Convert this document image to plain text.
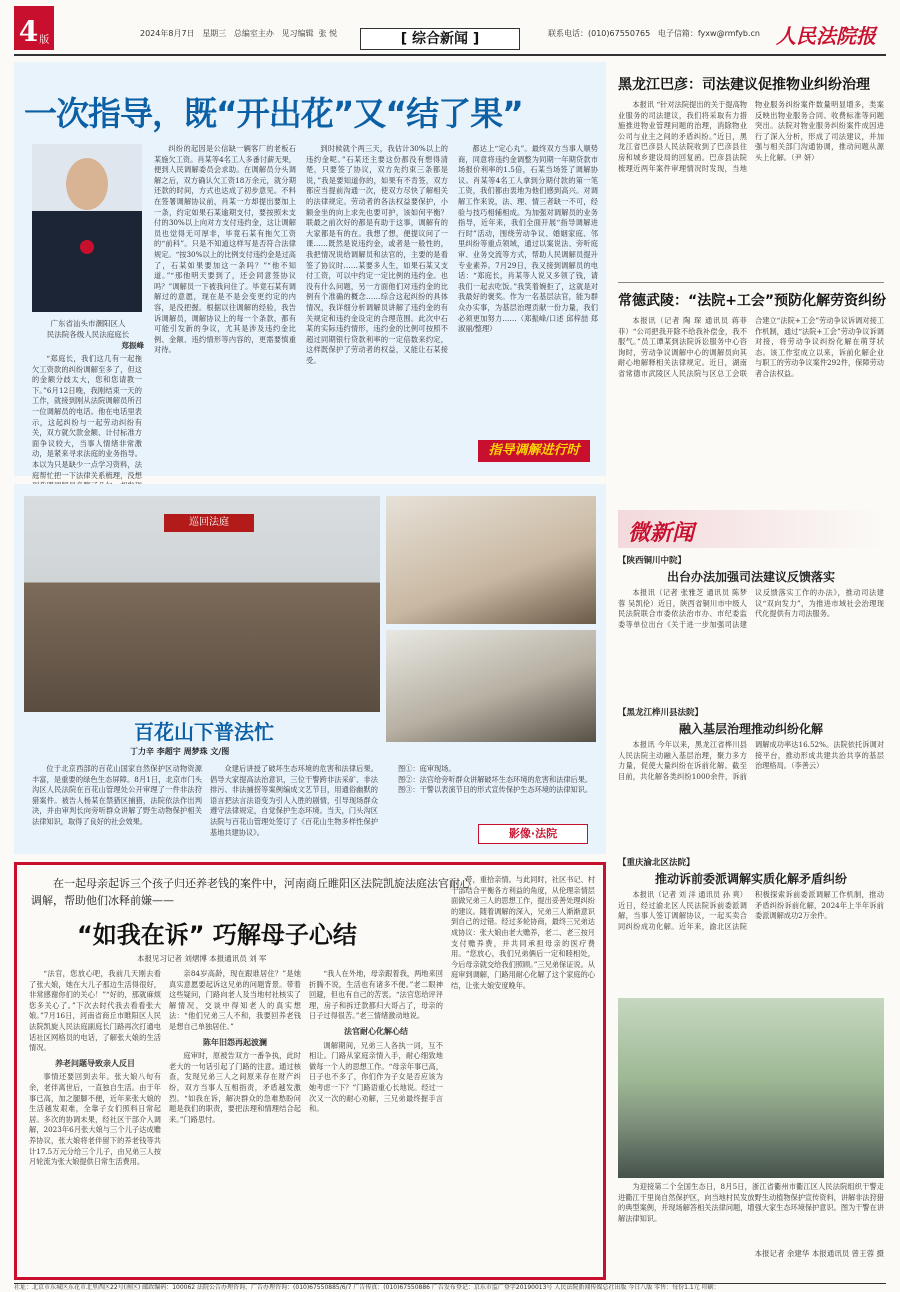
4 版
2024年8月7日 星期三 总编室主办 见习编辑 张 悦	[ 综合新闻 ]	联系电话：(010)67550765 电子信箱：fyxw@rmfyb.cn 人民法院报
一次指导，既“开出花”又“结了果”
广东省汕头市潮阳区人
民法院各级人民法庭庭长
郑振峰

“郑庭长，我们这几有一起拖欠工资款的纠纷调解至多了，但这的金额分歧太大，您和您请教一下。”6月12日晚，我刚结束一天的工作，就接到刚从法院调解员所召一位调解员的电话。他在电话里表示，这起纠纷与一起劳动纠纷有关，双方就欠款金额、计付标准方面争议较大，当事人情绪非常激动，是紧来寻求法庭的业务指导。本以为只是缺少一点学习资料，法庭帮忙把一下法律关系梳理，没想

纠纷的起因是公信缺一辆客厂的老板石某施欠工资。肖某等4名工人多番讨薪无果，便到人民调解委员会求助。在调解员分头调解之后，双方确认欠工资18万余元，就分期还款的时间，方式也达成了初步意见。不料在签署调解协议前，肖某一方却提出要加上一条，约定如果石某逾期支付，要按照未支付的30%以上向对方支付违约金，这让调解员也觉得无可厚非，毕竟石某有拖欠工资的“前科”。只是不知道这样写是否符合法律规定。“按30%以上的比例支付违约金是过高了，石某如果要加这一条吗？”“他不知道。”“那他明天要到了，还会同意签协议吗？”调解员一下被我问住了。毕竟石某有调解过的意愿，现在是不是会变更约定的内容，是没把握。根据以往调解的经验，我告诉调解员，调解协议上的每一个条款，都有可能引发新的争议，尤其是涉及违约金比例、金额、违约情形等内容的，更需要慎重对待。

到时候就个两三天，我估计30%以上的违约金呢。”石某还主要这份都没有想得清楚，只要签了协议，双方先约束三条都是说，”我是要知道你的，如果有不肯签，双方都应当提前沟通一次，使双方尽快了解相关的法律规定。劳动者的各法权益要保护，小额金坐的向上求先也要可护，该如何平衡？联最之前次好的都是有助于这事，调解有的大家都是有的在。我想了想，便提议问了一课……既然是说违约金，或者是一般性的，我把情况说给调解员和法官的，主要的是看签了协议时……某要多人生，如果石某又支付工资，可以中约定一定比例的违约金。也没有什么问题，另一方面他们对违约金的比例有个准确的概念……综合这起纠纷的具体情况，我详细分析调解员讲解了违约金的有关规定和违约金设定的合理范围。此次中石某的实际违约情形，违约金的比例可按照不超过同期银行贷款利率的一定倍数来约定，这样既保护了劳动者的权益，又能让石某接受。

都达上“定心丸”。最终双方当事人顺势商，同意将违约金调整为同期一年期贷款市场报价利率的1.5倍，石某当场签了调解协议。肖某等4名工人拿到分期付款的第一笔工资，我们都由衷地为他们感到高兴。对调解工作来说，法、理、情三者缺一不可，经验与技巧相辅相成。为加强对调解员的业务指导，近年来，我们全面开展“指导调解进行时”活动，围绕劳动争议、婚姻家庭、邻里纠纷等重点领域，通过以案说法、旁听庭审、业务交流等方式，帮助人民调解员提升专业素养。7月29日，我又接到调解员的电话：“郑庭长，肖某等人说又多领了钱，请我们一起去吃饭。”我笑着婉拒了，这就是对我最好的褒奖。作为一名基层法官，能为群众办实事，为基层治理贡献一份力量，我们必须更加努力……（郑振峰/口述 邱梓喆 郑淑丽/整理）

指导调解进行时
巡回法庭
百花山下普法忙
丁力辛 李超宇 周梦珠 文/图

位于北京西部的百花山国家自然保护区动物资源丰富，是重要的绿色生态屏障。8月1日，北京市门头沟区人民法院在百花山管理处公开审理了一件非法狩猎案件。被告人杨某在禁猎区捕猎，法院依法作出判决，并由审判长向旁听群众讲解了野生动物保护相关法律知识，取得了良好的社会效果。

众建后讲授了破坏生态环境的危害和法律后果。倡导大家提高法治意识，三位干警跨非法采矿、非法排污、非法捕捞等案例编成文艺节目，用通俗幽默的语言把法言法语变为引人入胜的剧情，引导现场群众遵守法律规定，自觉保护生态环境。当天，门头沟区法院与百花山管理处签订了《百花山生物多样性保护基地共建协议》。

图①：庭审现场。
图②：法官给旁听群众讲解破坏生态环境的危害和法律后果。
图③：干警以表演节目的形式宣传保护生态环境的法律知识。
影像·法院
在一起母亲起诉三个孩子归还养老钱的案件中，河南商丘睢阳区法院凯旋法庭法官耐心调解，帮助他们冰释前嫌——
“如我在诉” 巧解母子心结
本报见习记者 刘熠博 本报通讯员 刘 军

“法官，您放心吧，我前几天刚去看了张大娘，她在大儿子那边生活得很好，非常感谢你们的关心！”“好的，那就麻烦您多关心了。”下次去时代我去看看张大娘。”7月16日，河南省商丘市睢阳区人民法院凯旋人民法庭副庭长门路再次打通电话社区网格员的电话，了解张大娘的生活情况。

养老问题导致亲人反目

事情还要回到去年。张大娘八旬有余，老伴离世后，一直独自生活。由于年事已高，加之腿脚不便，近年来张大娘的生活越发艰难，全靠子女们照料日常起居。多次的协调未果，经社区干部介入调解，2023年6月张大娘与三个儿子达成赡养协议，张大娘将老伴留下的养老钱等共计17.5万元分给三个儿子，由兄弟三人按月轮流为张大娘提供日常生活费用。

亲84岁高龄，现在跟谁居住？”是她真实意愿要起诉这兄弟的问题背景。带着这些疑问，门路向老人及当地村社核实了解情况，交谈中得知老人的真实想法：“他们兄弟三人不和，我要回养老钱是想自己单独居住。”

陈年旧怨再起波澜

庭审时，原被告双方一番争执，此时老大的一句话引起了门路的注意。通过核查，发现兄弟三人之间原来存在财产纠纷，双方当事人互相指责，矛盾越发激烈。“如我在诉，解决群众的急难愁盼问题是我们的职责，要把法理和情理结合起来。”门路思忖。

“我人在外地，母亲跟着我，两地来回折腾不说，生活也有诸多不便。”老二眼神回避，但也有自己的苦衷。“法官您给评评理，房子和拆迁款都归大哥占了，母亲的日子过得很苦。”老三情绪激动地说。

法官耐心化解心结

调解期间，兄弟三人各执一词，互不相让。门路从家庭亲情入手，耐心细致地做每一个人的思想工作。“母亲年事已高，日子也不多了，你们作为子女是否应该为她考虑一下？”门路语重心长地说。经过一次又一次的耐心劝解，三兄弟最终握手言和。

带，重拾亲情。与此同时，社区书记、村干部结合平衡各方利益的角度，从伦理亲情层面做兄弟三人的思想工作，提出妥善处理纠纷的建议。随着调解的深入，兄弟三人渐渐意识到自己的过错。经过多轮协商，最终三兄弟达成协议：张大娘由老大赡养，老二、老三按月支付赡养费，并共同承担母亲的医疗费用。“您放心，我们兄弟俩后一定和睦相处，今后母亲就交给我们照顾。”三兄弟保证说。从庭审到调解，门路用耐心化解了这个家庭的心结，让张大娘安度晚年。

黑龙江巴彦：司法建议促推物业纠纷治理

本报讯 “针对法院提出的关于提高物业服务的司法建议，我们将采取有力措施推进物业管理问题的治理，消除物业公司与业主之间的矛盾纠纷。”近日，黑龙江省巴彦县人民法院收到了巴彦县住房和城乡建设局的回复函。巴彦县法院梳理近两年案件审理情况时发现，当地物业服务纠纷案件数量明显增多，类案反映出物业服务合同、收费标准等问题突出。法院对物业服务纠纷案件成因进行了深入分析，形成了司法建议，并加强与相关部门沟通协调，推动问题从源头上化解。（尹 妍）

常德武陵：“法院+工会”预防化解劳资纠纷

本报讯（记者 陶 琛 通讯员 蒋菲菲）“公司把我开除不给我补偿金，我不服气。”员工谭某到法院诉讼服务中心咨询时，劳动争议调解中心的调解员向其耐心地解释相关法律规定。近日，湖南省常德市武陵区人民法院与区总工会联合建立“法院+工会”劳动争议诉调对接工作机制，通过“法院+工会”劳动争议诉调对接，将劳动争议纠纷化解在萌芽状态。该工作室成立以来，诉前化解企业与职工的劳动争议案件292件，保障劳动者合法权益。

微新闻
【陕西铜川中院】
出台办法加强司法建议反馈落实

本报讯（记者 张雅芝 通讯员 陈梦蓉 吴凯伦）近日，陕西省铜川市中级人民法院联合市委依法治市办、市纪委监委等单位出台《关于进一步加强司法建议反馈落实工作的办法》，推动司法建议“双向发力”，为推进市域社会治理现代化提供有力司法服务。

【黑龙江桦川县法院】
融入基层治理推动纠纷化解

本报讯 今年以来，黑龙江省桦川县人民法院主动融入基层治理，聚力多方力量，促使大量纠纷在诉前化解。截至目前，共化解各类纠纷1000余件，诉前调解成功率达16.52%。法院依托诉调对接平台，推动形成共建共治共享的基层治理格局。（李善云）

【重庆渝北区法院】
推动诉前委派调解实质化解矛盾纠纷

本报讯（记者 刘 洋 通讯员 孙 爽）近日，经过渝北区人民法院诉前委派调解，当事人签订调解协议，一起买卖合同纠纷成功化解。近年来，渝北区法院积极探索诉前委派调解工作机制，推动矛盾纠纷诉前化解，2024年上半年诉前委派调解成功2万余件。

为迎接第二个全国生态日，8月5日，浙江省衢州市衢江区人民法院组织干警走进衢江干里岗自然保护区，向当地村民发放野生动植物保护宣传资料，讲解非法狩猎的典型案例，并现场解答相关法律问题，增强大家生态环境保护意识。图为干警在讲解法律知识。

本报记者 余建华 本报通讯员 曾王蓉 摄
社址：北京市东城区东花市北里西区22号(南区) 邮政编码：100062 法院公告办理咨询、广告办理咨询：(010)67550885/6/7 广告传真：(010)67550886 广告发布登记：京东市监广登字20190013号 人民法院新闻传媒总社出版 今日八版 零售：每份1.1元 印刷：
